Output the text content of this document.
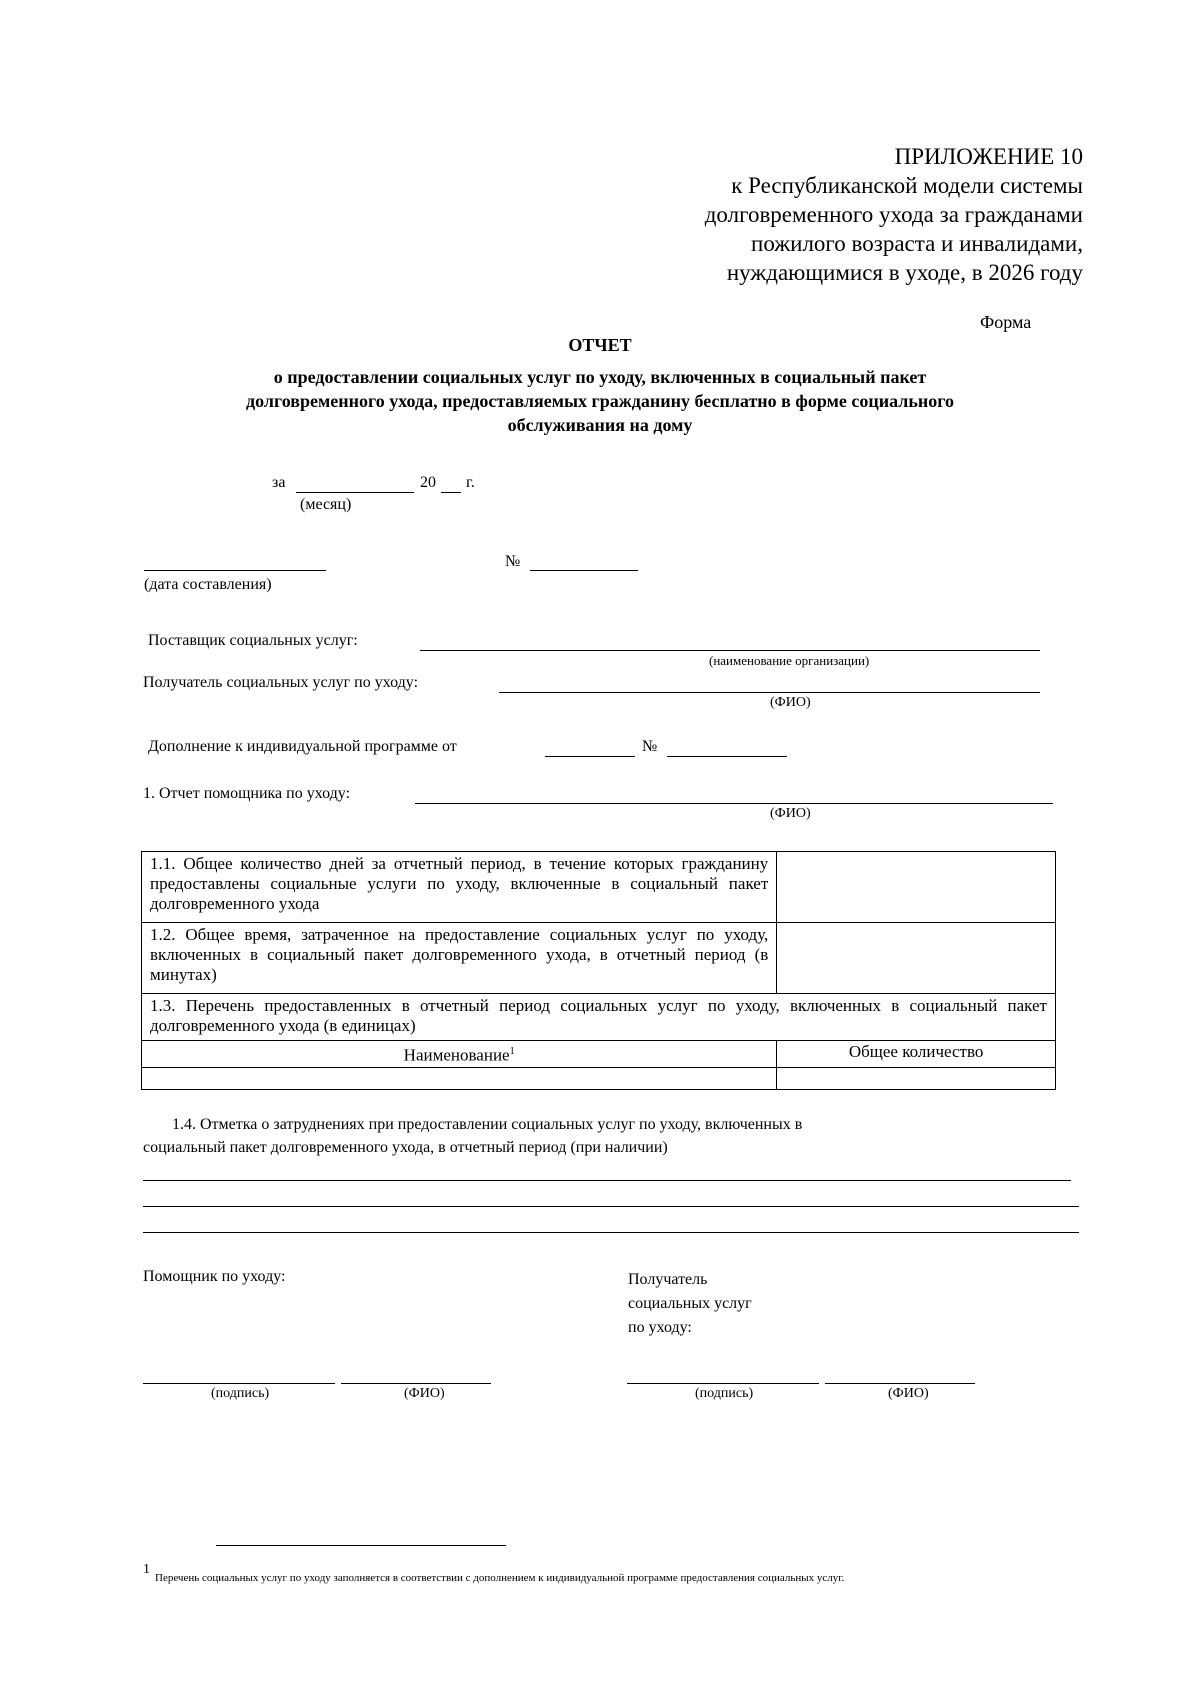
ПРИЛОЖЕНИЕ 10
к Республиканской модели системы
долговременного ухода за гражданами
пожилого возраста и инвалидами,
нуждающимися в уходе, в 2026 году
Форма
ОТЧЕТ
о предоставлении социальных услуг по уходу, включенных в социальный пакет
долговременного ухода, предоставляемых гражданину бесплатно в форме социального
обслуживания на дому
за	20 г.
(месяц)
(дата составления)
№
Поставщик социальных услуг:
(наименование организации)
Получатель социальных услуг по уходу:
(ФИО)
Дополнение к индивидуальной программе от	№
1. Отчет помощника по уходу:
(ФИО)
1.1. Общее количество дней за отчетный период, в течение которых гражданину предоставлены социальные услуги по уходу, включенные в социальный пакет долговременного ухода	
1.2. Общее время, затраченное на предоставление социальных услуг по уходу, включенных в социальный пакет долговременного ухода, в отчетный период (в минутах)	
1.3. Перечень предоставленных в отчетный период социальных услуг по уходу, включенных в социальный пакет долговременного ухода (в единицах)	
Наименование$^1$	Общее количество

1.4. Отметка о затруднениях при предоставлении социальных услуг по уходу, включенных в
социальный пакет долговременного ухода, в отчетный период (при наличии)
Помощник по уходу:	Получатель
социальных услуг
по уходу:
(подпись)	(ФИО)	(подпись)	(ФИО)
1
Перечень социальных услуг по уходу заполняется в соответствии с дополнением к индивидуальной программе предоставления социальных услуг.
